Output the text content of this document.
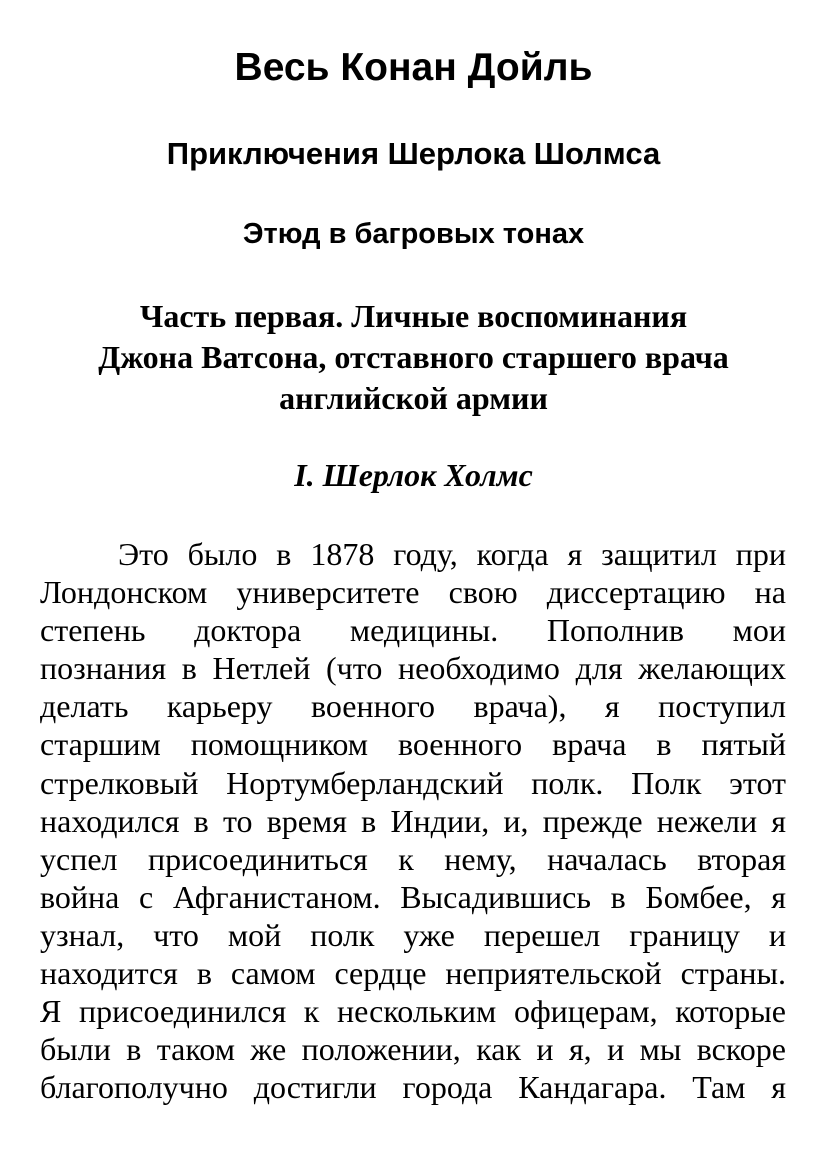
Весь Конан Дойль
Приключения Шерлока Шолмса
Этюд в багровых тонах
Часть первая. Личные воспоминания
Джона Ватсона, отставного старшего врача
английской армии
I. Шерлок Холмс
Это было в 1878 году, когда я защитил при
Лондонском университете свою диссертацию на
степень доктора медицины. Пополнив мои
познания в Нетлей (что необходимо для желающих
делать карьеру военного врача), я поступил
старшим помощником военного врача в пятый
стрелковый Нортумберландский полк. Полк этот
находился в то время в Индии, и, прежде нежели я
успел присоединиться к нему, началась вторая
война с Афганистаном. Высадившись в Бомбее, я
узнал, что мой полк уже перешел границу и
находится в самом сердце неприятельской страны.
Я присоединился к нескольким офицерам, которые
были в таком же положении, как и я, и мы вскоре
благополучно достигли города Кандагара. Там я
